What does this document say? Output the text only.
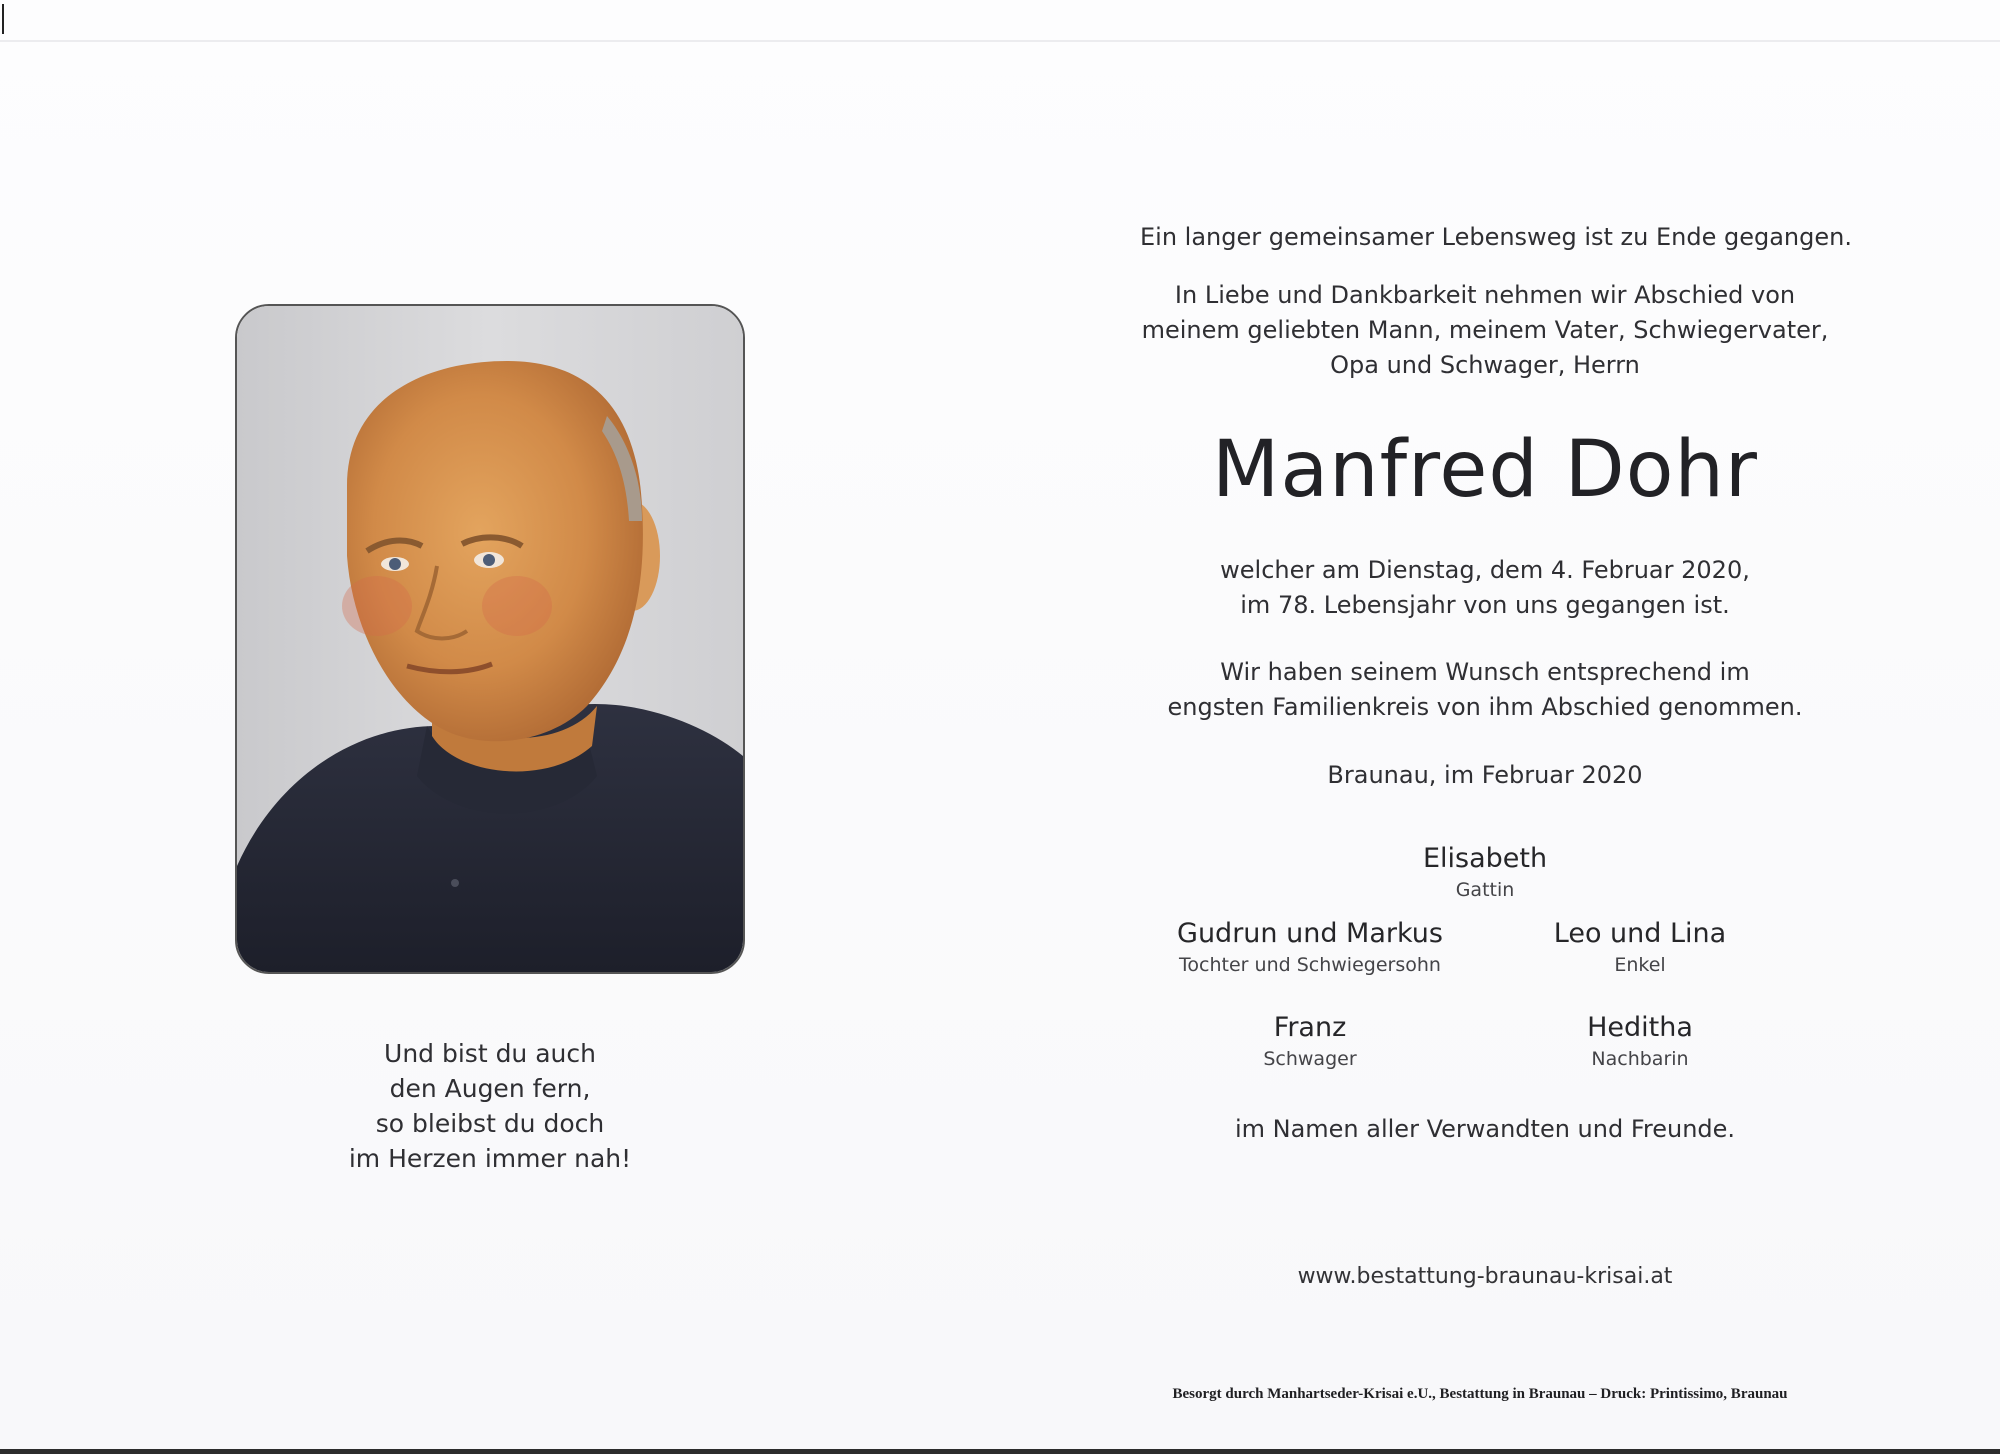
Und bist du auch
den Augen fern,
so bleibst du doch
im Herzen immer nah!
Ein langer gemeinsamer Lebensweg ist zu Ende gegangen.
In Liebe und Dankbarkeit nehmen wir Abschied von
meinem geliebten Mann, meinem Vater, Schwiegervater,
Opa und Schwager, Herrn
Manfred Dohr
welcher am Dienstag, dem 4. Februar 2020,
im 78. Lebensjahr von uns gegangen ist.
Wir haben seinem Wunsch entsprechend im
engsten Familienkreis von ihm Abschied genommen.
Braunau, im Februar 2020
Elisabeth
Gattin
Gudrun und Markus
Tochter und Schwiegersohn
Leo und Lina
Enkel
Franz
Schwager
Heditha
Nachbarin
im Namen aller Verwandten und Freunde.
www.bestattung-braunau-krisai.at
Besorgt durch Manhartseder-Krisai e.U., Bestattung in Braunau – Druck: Printissimo, Braunau
